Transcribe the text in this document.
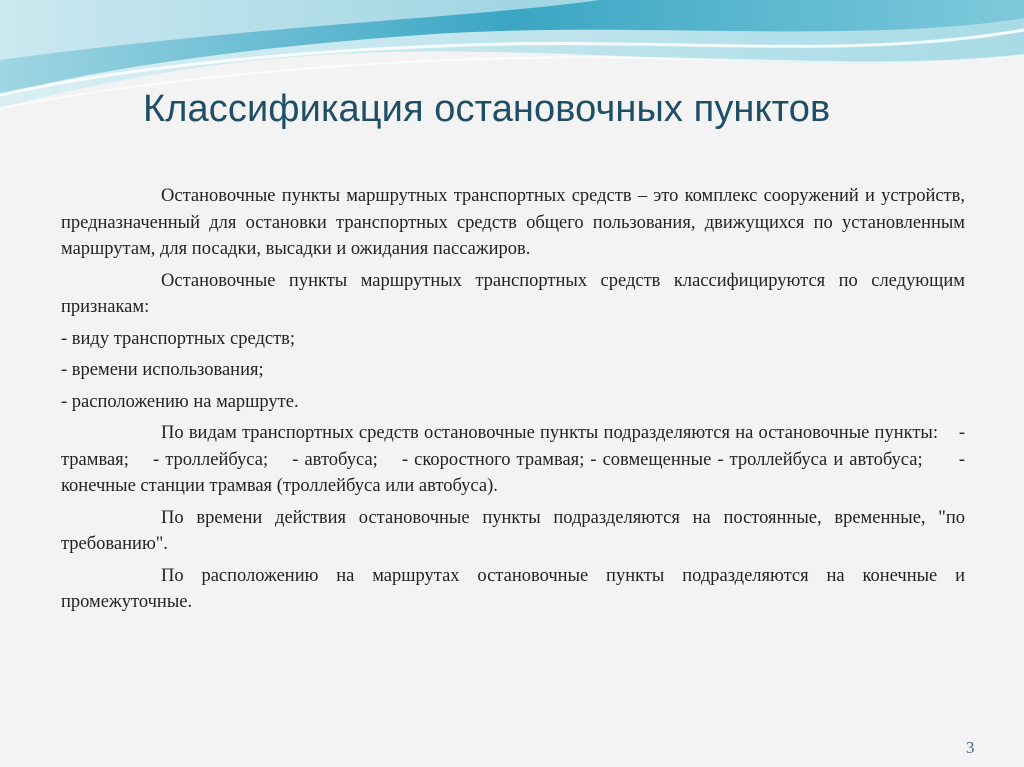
Классификация остановочных пунктов

Остановочные пункты маршрутных транспортных средств – это комплекс сооружений и устройств, предназначенный для остановки транспортных средств общего пользования, движущихся по установленным маршрутам, для посадки, высадки и ожидания пассажиров.

Остановочные пункты маршрутных транспортных средств классифицируются по следующим признакам:

- виду транспортных средств;

- времени использования;

- расположению на маршруте.

По видам транспортных средств остановочные пункты подразделяются на остановочные пункты:    - трамвая;    - троллейбуса;    - автобуса;    - скоростного трамвая; - совмещенные - троллейбуса и автобуса;      - конечные станции трамвая (троллейбуса или автобуса).

По времени действия остановочные пункты подразделяются на постоянные, временные, "по требованию".

По расположению на маршрутах остановочные пункты подразделяются на конечные и промежуточные.

3
